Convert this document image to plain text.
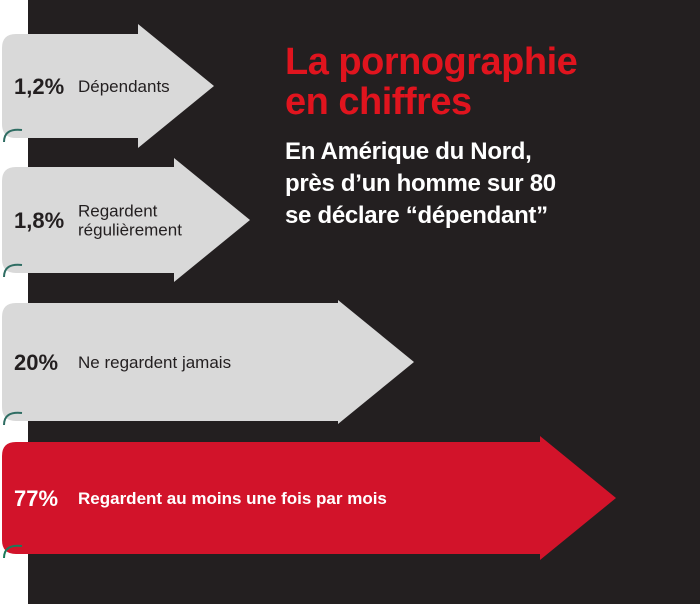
1,2% Dépendants
1,8% Regardent
régulièrement
20% Ne regardent jamais
77% Regardent au moins une fois par mois
La pornographie
en chiffres
En Amérique du Nord,
près d’un homme sur 80
se déclare “dépendant”
